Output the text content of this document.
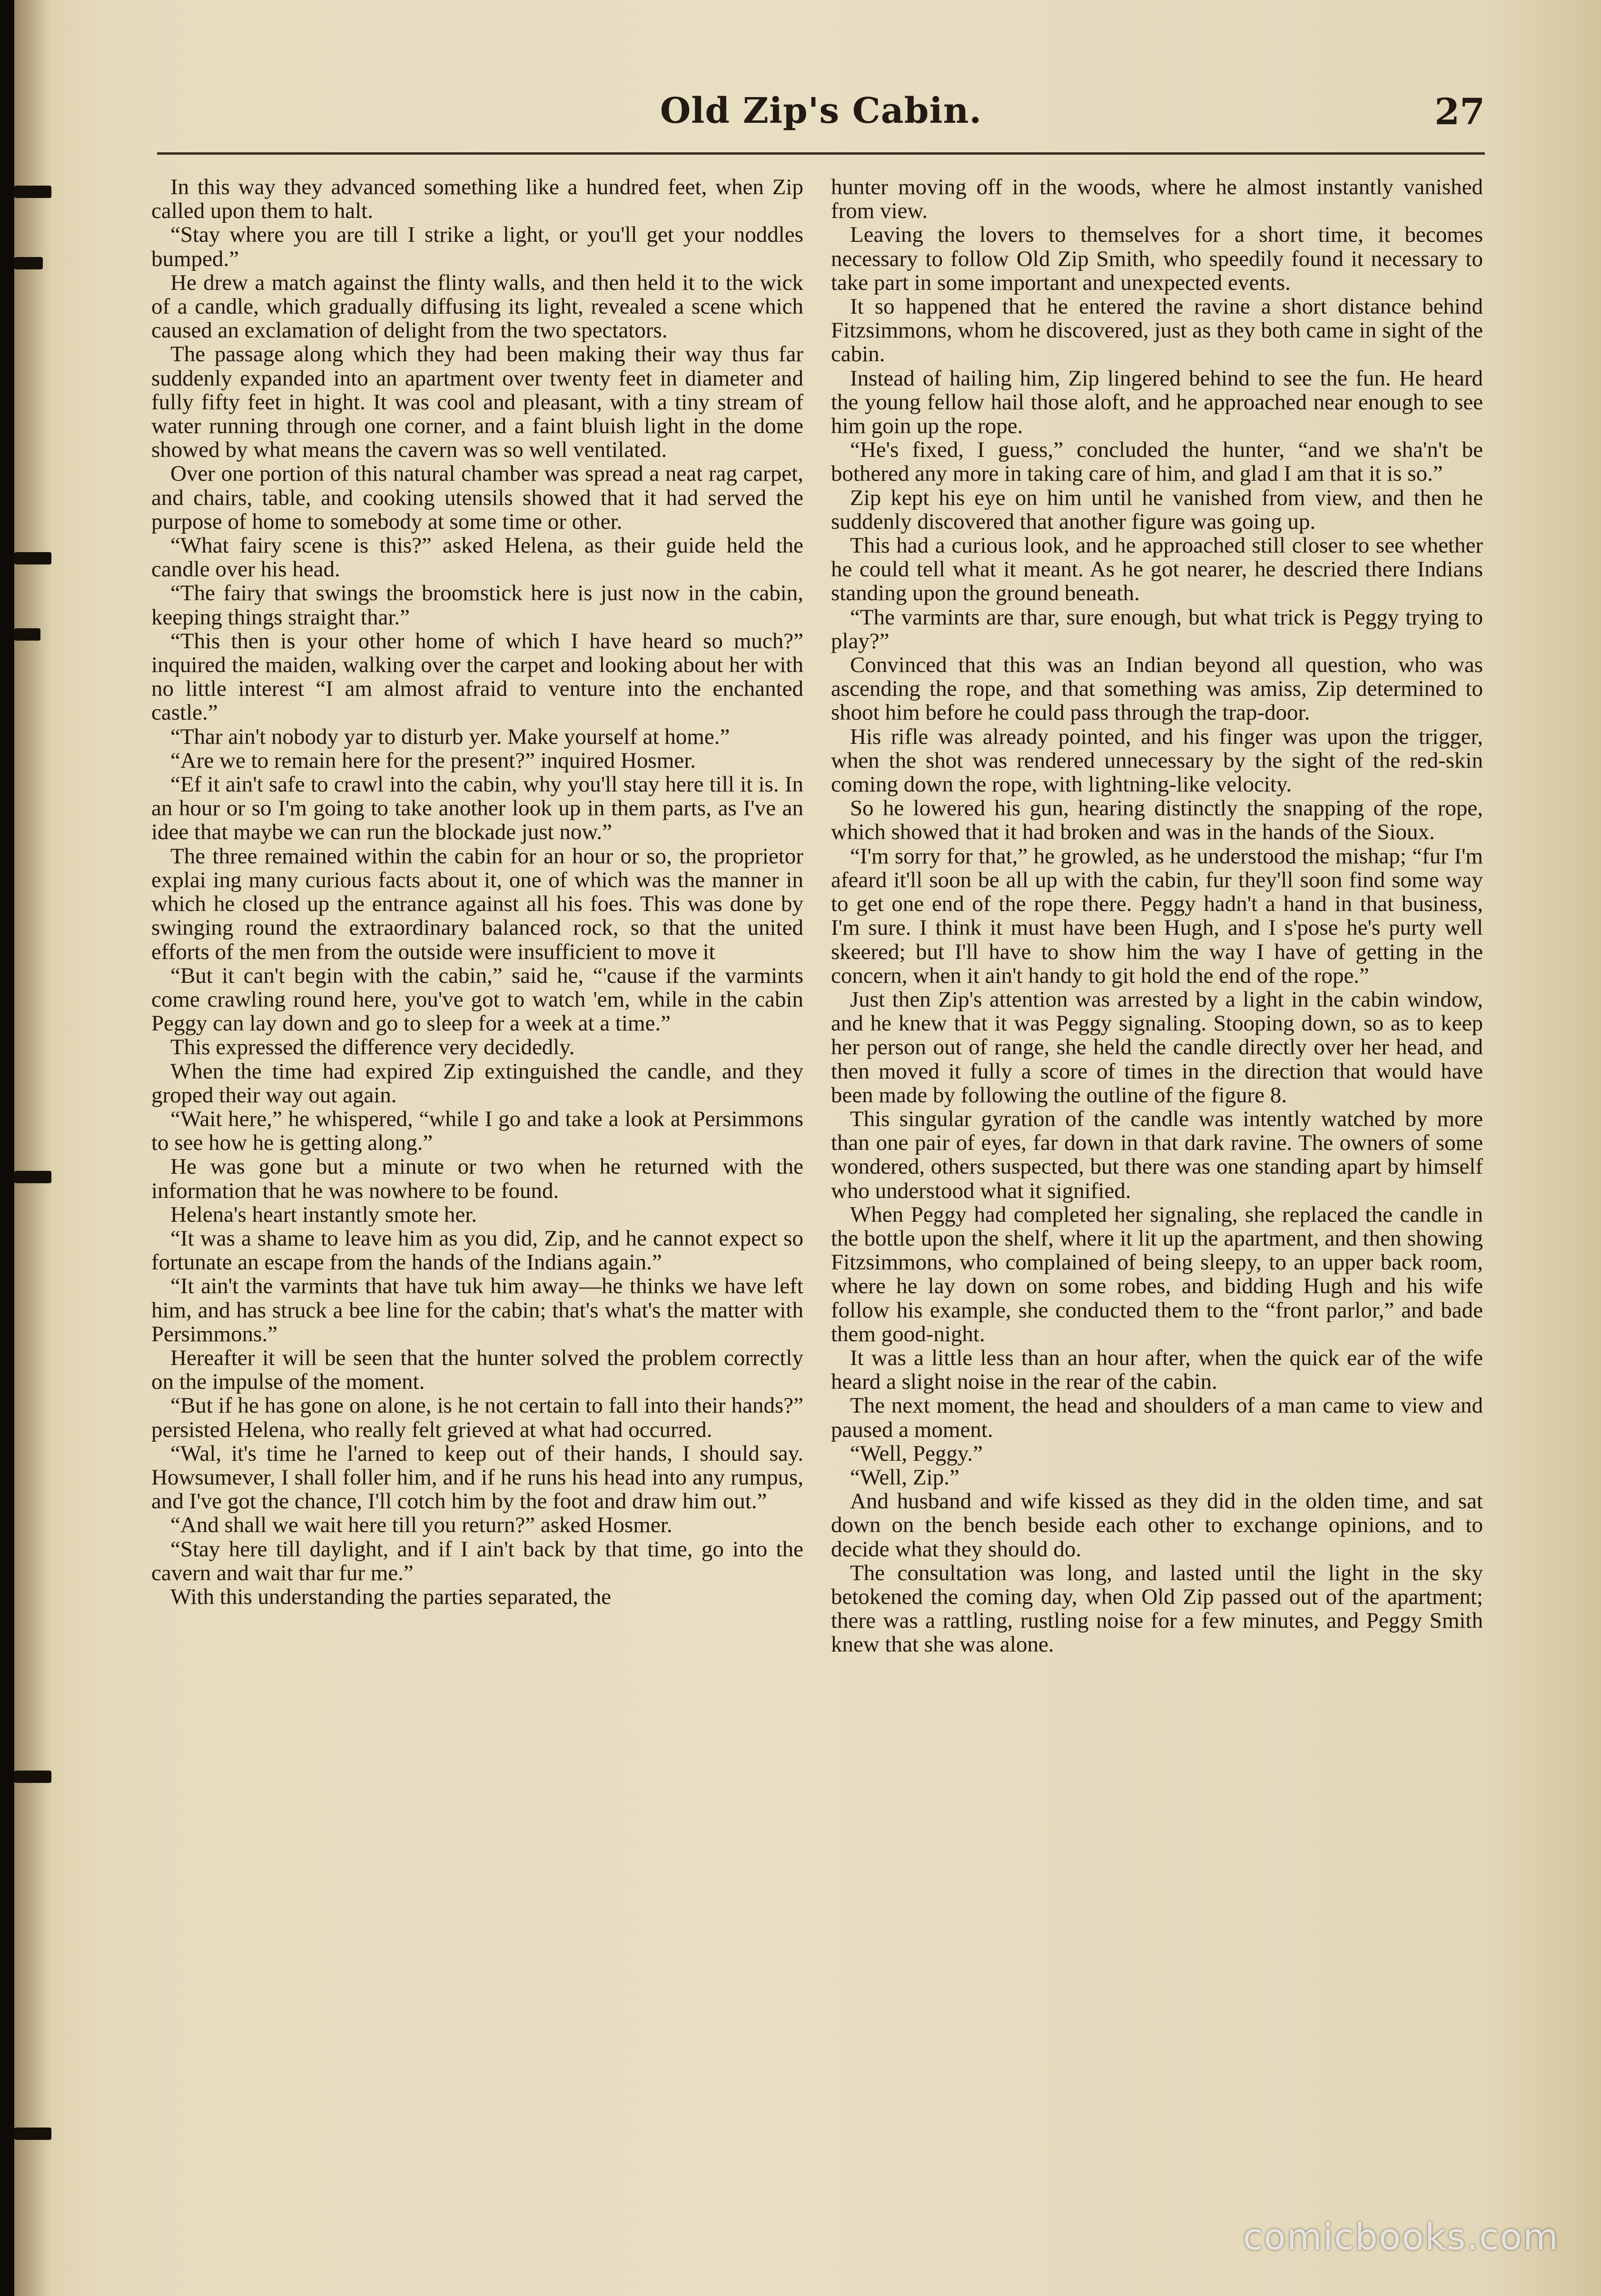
Old Zip's Cabin.	27

In this way they advanced something like a hundred feet, when Zip called upon them to halt.

“Stay where you are till I strike a light, or you'll get your noddles bumped.”

He drew a match against the flinty walls, and then held it to the wick of a candle, which gradually diffusing its light, revealed a scene which caused an exclamation of delight from the two spectators.

The passage along which they had been making their way thus far suddenly expanded into an apartment over twenty feet in diameter and fully fifty feet in hight. It was cool and pleasant, with a tiny stream of water running through one corner, and a faint bluish light in the dome showed by what means the cavern was so well ventilated.

Over one portion of this natural chamber was spread a neat rag carpet, and chairs, table, and cooking utensils showed that it had served the purpose of home to somebody at some time or other.

“What fairy scene is this?” asked Helena, as their guide held the candle over his head.

“The fairy that swings the broomstick here is just now in the cabin, keeping things straight thar.”

“This then is your other home of which I have heard so much?” inquired the maiden, walking over the carpet and looking about her with no little interest “I am almost afraid to venture into the enchanted castle.”

“Thar ain't nobody yar to disturb yer. Make yourself at home.”

“Are we to remain here for the present?” inquired Hosmer.

“Ef it ain't safe to crawl into the cabin, why you'll stay here till it is. In an hour or so I'm going to take another look up in them parts, as I've an idee that maybe we can run the blockade just now.”

The three remained within the cabin for an hour or so, the proprietor explai ing many curious facts about it, one of which was the manner in which he closed up the entrance against all his foes. This was done by swinging round the extraordinary balanced rock, so that the united efforts of the men from the outside were insufficient to move it

“But it can't begin with the cabin,” said he, “'cause if the varmints come crawling round here, you've got to watch 'em, while in the cabin Peggy can lay down and go to sleep for a week at a time.”

This expressed the difference very decidedly.

When the time had expired Zip extinguished the candle, and they groped their way out again.

“Wait here,” he whispered, “while I go and take a look at Persimmons to see how he is getting along.”

He was gone but a minute or two when he returned with the information that he was nowhere to be found.

Helena's heart instantly smote her.

“It was a shame to leave him as you did, Zip, and he cannot expect so fortunate an escape from the hands of the Indians again.”

“It ain't the varmints that have tuk him away—he thinks we have left him, and has struck a bee line for the cabin; that's what's the matter with Persimmons.”

Hereafter it will be seen that the hunter solved the problem correctly on the impulse of the moment.

“But if he has gone on alone, is he not certain to fall into their hands?” persisted Helena, who really felt grieved at what had occurred.

“Wal, it's time he l'arned to keep out of their hands, I should say. Howsumever, I shall foller him, and if he runs his head into any rumpus, and I've got the chance, I'll cotch him by the foot and draw him out.”

“And shall we wait here till you return?” asked Hosmer.

“Stay here till daylight, and if I ain't back by that time, go into the cavern and wait thar fur me.”

With this understanding the parties separated, the

hunter moving off in the woods, where he almost instantly vanished from view.

Leaving the lovers to themselves for a short time, it becomes necessary to follow Old Zip Smith, who speedily found it necessary to take part in some important and unexpected events.

It so happened that he entered the ravine a short distance behind Fitzsimmons, whom he discovered, just as they both came in sight of the cabin.

Instead of hailing him, Zip lingered behind to see the fun. He heard the young fellow hail those aloft, and he approached near enough to see him goin up the rope.

“He's fixed, I guess,” concluded the hunter, “and we sha'n't be bothered any more in taking care of him, and glad I am that it is so.”

Zip kept his eye on him until he vanished from view, and then he suddenly discovered that another figure was going up.

This had a curious look, and he approached still closer to see whether he could tell what it meant. As he got nearer, he descried there Indians standing upon the ground beneath.

“The varmints are thar, sure enough, but what trick is Peggy trying to play?”

Convinced that this was an Indian beyond all question, who was ascending the rope, and that something was amiss, Zip determined to shoot him before he could pass through the trap-door.

His rifle was already pointed, and his finger was upon the trigger, when the shot was rendered unnecessary by the sight of the red-skin coming down the rope, with lightning-like velocity.

So he lowered his gun, hearing distinctly the snapping of the rope, which showed that it had broken and was in the hands of the Sioux.

“I'm sorry for that,” he growled, as he understood the mishap; “fur I'm afeard it'll soon be all up with the cabin, fur they'll soon find some way to get one end of the rope there. Peggy hadn't a hand in that business, I'm sure. I think it must have been Hugh, and I s'pose he's purty well skeered; but I'll have to show him the way I have of getting in the concern, when it ain't handy to git hold the end of the rope.”

Just then Zip's attention was arrested by a light in the cabin window, and he knew that it was Peggy signaling. Stooping down, so as to keep her person out of range, she held the candle directly over her head, and then moved it fully a score of times in the direction that would have been made by following the outline of the figure 8.

This singular gyration of the candle was intently watched by more than one pair of eyes, far down in that dark ravine. The owners of some wondered, others suspected, but there was one standing apart by himself who understood what it signified.

When Peggy had completed her signaling, she replaced the candle in the bottle upon the shelf, where it lit up the apartment, and then showing Fitzsimmons, who complained of being sleepy, to an upper back room, where he lay down on some robes, and bidding Hugh and his wife follow his example, she conducted them to the “front parlor,” and bade them good-night.

It was a little less than an hour after, when the quick ear of the wife heard a slight noise in the rear of the cabin.

The next moment, the head and shoulders of a man came to view and paused a moment.

“Well, Peggy.”

“Well, Zip.”

And husband and wife kissed as they did in the olden time, and sat down on the bench beside each other to exchange opinions, and to decide what they should do.

The consultation was long, and lasted until the light in the sky betokened the coming day, when Old Zip passed out of the apartment; there was a rattling, rustling noise for a few minutes, and Peggy Smith knew that she was alone.

comicbooks.com
